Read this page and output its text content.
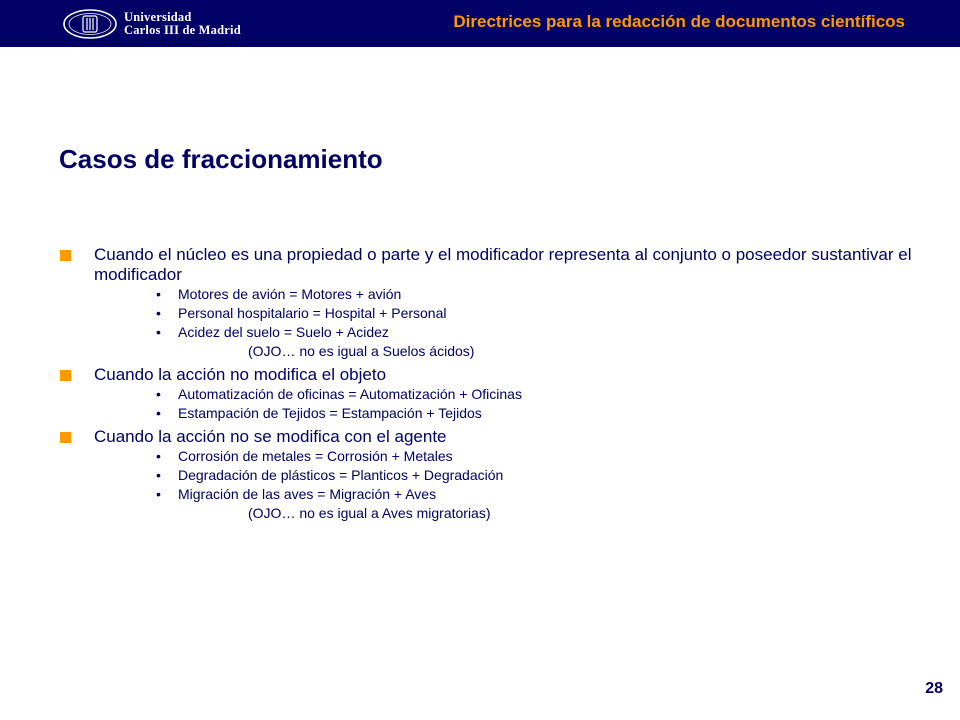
Universidad
Carlos III de Madrid	Directrices para la redacción de documentos científicos
Casos de fraccionamiento
Cuando el núcleo es una propiedad o parte y el modificador representa al conjunto o poseedor sustantivar el modificador
• Motores de avión = Motores + avión
• Personal hospitalario = Hospital + Personal
• Acidez del suelo = Suelo + Acidez
(OJO… no es igual a Suelos ácidos)
Cuando la acción no modifica el objeto
• Automatización de oficinas = Automatización + Oficinas
• Estampación de Tejidos = Estampación + Tejidos
Cuando la acción no se modifica con el agente
• Corrosión de metales = Corrosión + Metales
• Degradación de plásticos = Planticos + Degradación
• Migración de las aves = Migración + Aves
(OJO… no es igual a Aves migratorias)
28
